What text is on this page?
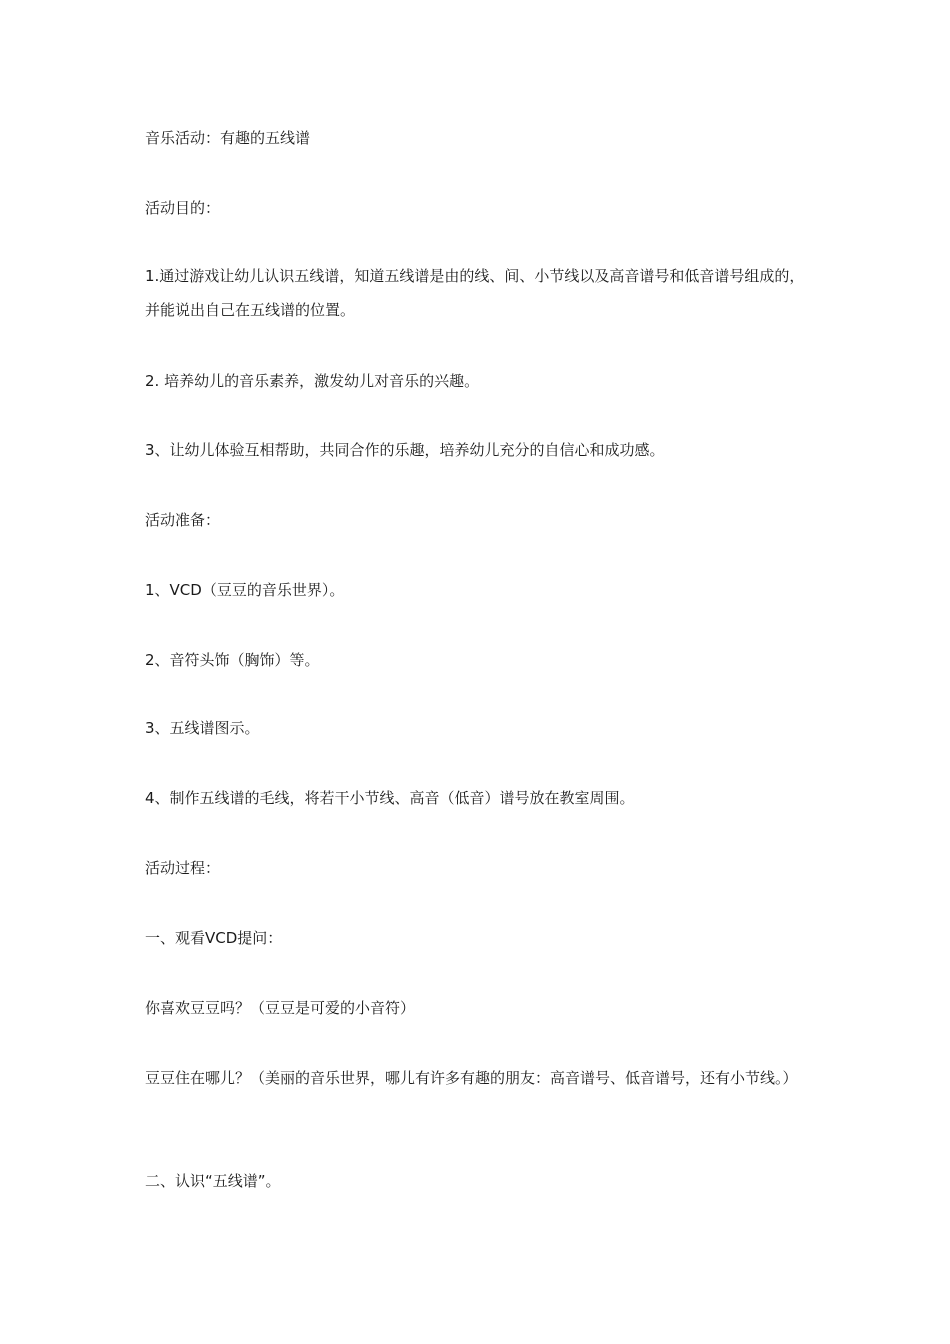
音乐活动：有趣的五线谱

活动目的：

1.通过游戏让幼儿认识五线谱，知道五线谱是由的线、间、小节线以及高音谱号和低音谱号组成的，并能说出自己在五线谱的位置。

2. 培养幼儿的音乐素养，激发幼儿对音乐的兴趣。

3、让幼儿体验互相帮助，共同合作的乐趣，培养幼儿充分的自信心和成功感。

活动准备：

1、VCD（豆豆的音乐世界）。

2、音符头饰（胸饰）等。

3、五线谱图示。

4、制作五线谱的毛线，将若干小节线、高音（低音）谱号放在教室周围。

活动过程：

一、观看VCD提问：

你喜欢豆豆吗？（豆豆是可爱的小音符）

豆豆住在哪儿？（美丽的音乐世界，哪儿有许多有趣的朋友：高音谱号、低音谱号，还有小节线。）

二、认识“五线谱”。
